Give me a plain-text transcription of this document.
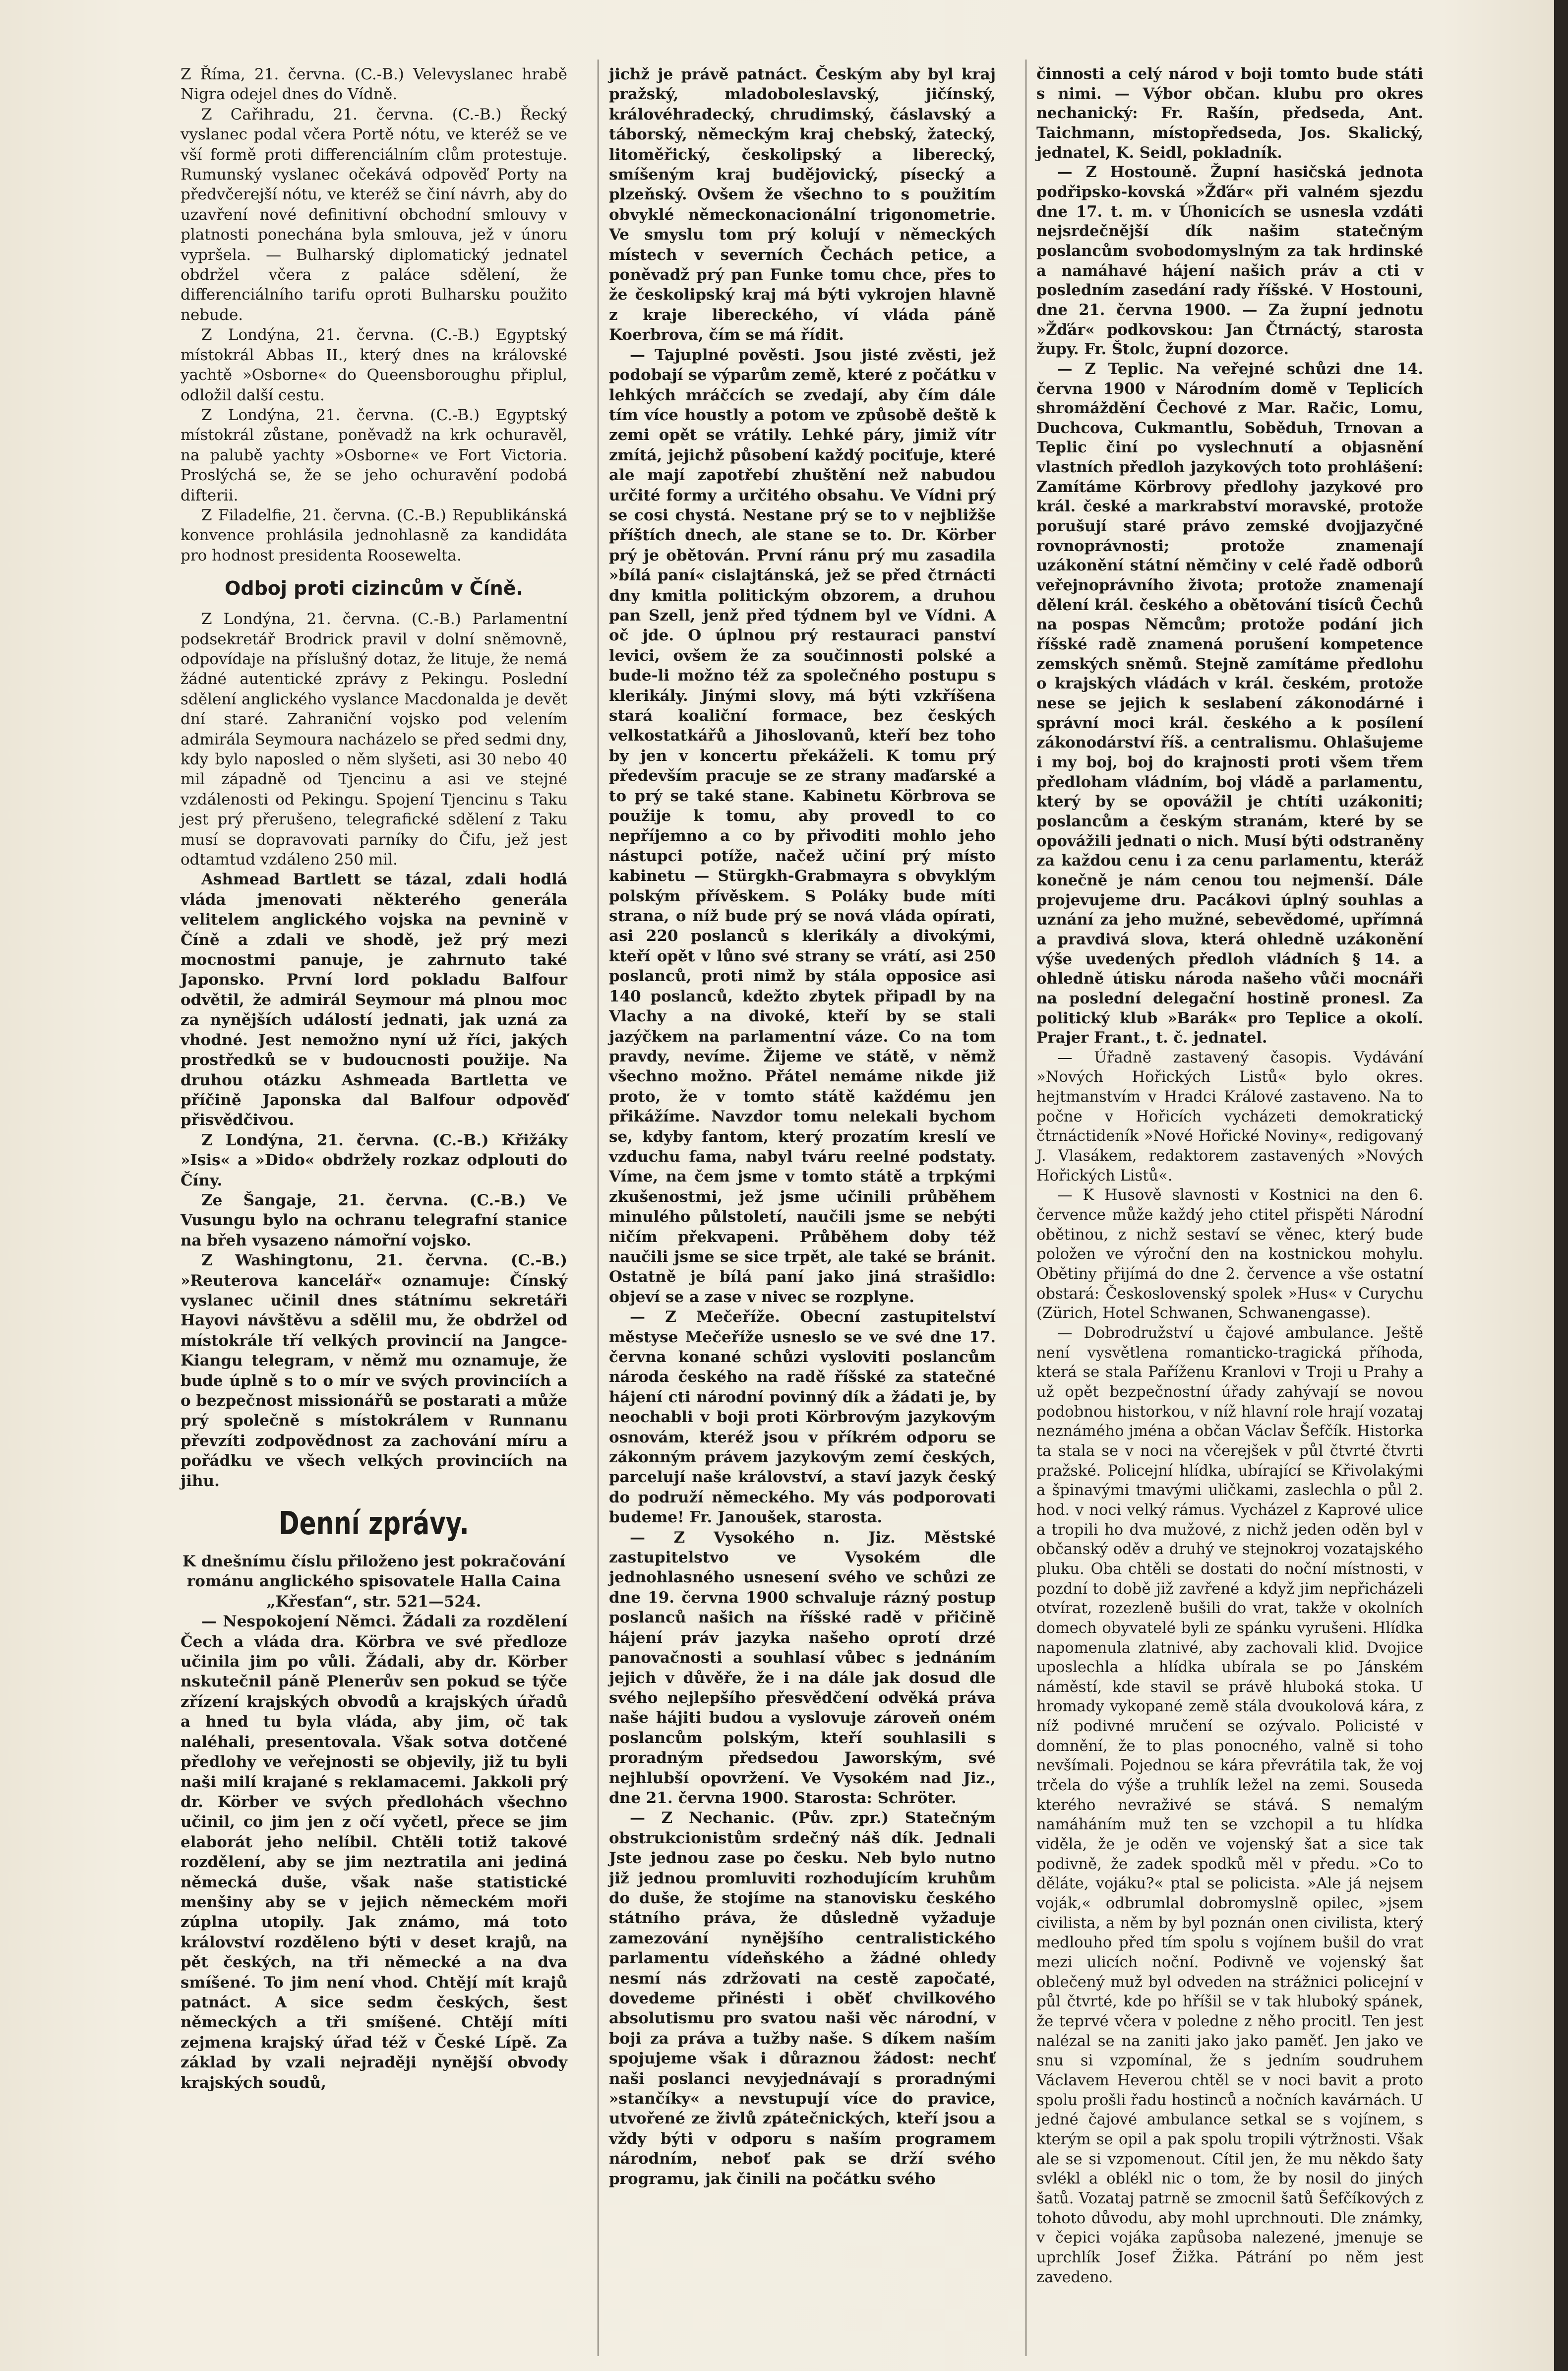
Z Říma, 21. června. (C.-B.) Velevyslanec hrabě Nigra odejel dnes do Vídně.

Z Cařihradu, 21. června. (C.-B.) Řecký vyslanec podal včera Portě nótu, ve kteréž se ve vší formě proti differenciálním clům protestuje. Rumunský vyslanec očekává odpověď Porty na předvčerejší nótu, ve kteréž se činí návrh, aby do uzavření nové definitivní obchodní smlouvy v platnosti ponechána byla smlouva, jež v únoru vypršela. — Bulharský diplomatický jednatel obdržel včera z paláce sdělení, že differenciálního tarifu oproti Bulharsku použito nebude.

Z Londýna, 21. června. (C.-B.) Egyptský místokrál Abbas II., který dnes na královské yachtě »Osborne« do Queensboroughu připlul, odložil další cestu.

Z Londýna, 21. června. (C.-B.) Egyptský místokrál zůstane, poněvadž na krk ochuravěl, na palubě yachty »Osborne« ve Fort Victoria. Proslýchá se, že se jeho ochuravění podobá difterii.

Z Filadelfie, 21. června. (C.-B.) Republikánská konvence prohlásila jednohlasně za kandidáta pro hodnost presidenta Roosewelta.

Odboj proti cizincům v Číně.

Z Londýna, 21. června. (C.-B.) Parlamentní podsekretář Brodrick pravil v dolní sněmovně, odpovídaje na příslušný dotaz, že lituje, že nemá žádné autentické zprávy z Pekingu. Poslední sdělení anglického vyslance Macdonalda je devět dní staré. Zahraniční vojsko pod velením admirála Seymoura nacházelo se před sedmi dny, kdy bylo naposled o něm slyšeti, asi 30 nebo 40 mil západně od Tjencinu a asi ve stejné vzdálenosti od Pekingu. Spojení Tjencinu s Taku jest prý přerušeno, telegrafické sdělení z Taku musí se dopravovati parníky do Čifu, jež jest odtamtud vzdáleno 250 mil.

Ashmead Bartlett se tázal, zdali hodlá vláda jmenovati některého generála velitelem anglického vojska na pevnině v Číně a zdali ve shodě, jež prý mezi mocnostmi panuje, je zahrnuto také Japonsko. První lord pokladu Balfour odvětil, že admirál Seymour má plnou moc za nynějších událostí jednati, jak uzná za vhodné. Jest nemožno nyní už říci, jakých prostředků se v budoucnosti použije. Na druhou otázku Ashmeada Bartletta ve příčině Japonska dal Balfour odpověď přisvědčivou.

Z Londýna, 21. června. (C.-B.) Křižáky »Isis« a »Dido« obdržely rozkaz odplouti do Číny.

Ze Šangaje, 21. června. (C.-B.) Ve Vusungu bylo na ochranu telegrafní stanice na břeh vysazeno námořní vojsko.

Z Washingtonu, 21. června. (C.-B.) »Reuterova kancelář« oznamuje: Čínský vyslanec učinil dnes státnímu sekretáři Hayovi návštěvu a sdělil mu, že obdržel od místokrále tří velkých provincií na Jangce-Kiangu telegram, v němž mu oznamuje, že bude úplně s to o mír ve svých provinciích a o bezpečnost missionářů se postarati a může prý společně s místokrálem v Runnanu převzíti zodpovědnost za zachování míru a pořádku ve všech velkých provinciích na jihu.

Denní zprávy.

K dnešnímu číslu přiloženo jest pokračování románu anglického spisovatele Halla Caina „Křesťan“, str. 521—524.

— Nespokojení Němci. Žádali za rozdělení Čech a vláda dra. Körbra ve své předloze učinila jim po vůli. Žádali, aby dr. Körber nskutečnil páně Plenerův sen pokud se týče zřízení krajských obvodů a krajských úřadů a hned tu byla vláda, aby jim, oč tak naléhali, presentovala. Však sotva dotčené předlohy ve veřejnosti se objevily, již tu byli naši milí krajané s reklamacemi. Jakkoli prý dr. Körber ve svých předlohách všechno učinil, co jim jen z očí vyčetl, přece se jim elaborát jeho nelíbil. Chtěli totiž takové rozdělení, aby se jim neztratila ani jediná německá duše, však naše statistické menšiny aby se v jejich německém moři zúplna utopily. Jak známo, má toto království rozděleno býti v deset krajů, na pět českých, na tři německé a na dva smíšené. To jim není vhod. Chtějí mít krajů patnáct. A sice sedm českých, šest německých a tři smíšené. Chtějí míti zejmena krajský úřad též v České Lípě. Za základ by vzali nejraději nynější obvody krajských soudů,

jichž je právě patnáct. Českým aby byl kraj pražský, mladoboleslavský, jičínský, královéhradecký, chrudimský, čáslavský a táborský, německým kraj chebský, žatecký, litoměřický, českolipský a liberecký, smíšeným kraj budějovický, písecký a plzeňský. Ovšem že všechno to s použitím obvyklé německonacionální trigonometrie. Ve smyslu tom prý kolují v německých místech v severních Čechách petice, a poněvadž prý pan Funke tomu chce, přes to že českolipský kraj má býti vykrojen hlavně z kraje libereckého, ví vláda páně Koerbrova, čím se má řídit.

— Tajuplné pověsti. Jsou jisté zvěsti, jež podobají se výparům země, které z počátku v lehkých mráčcích se zvedají, aby čím dále tím více houstly a potom ve způsobě deště k zemi opět se vrátily. Lehké páry, jimiž vítr zmítá, jejichž působení každý pociťuje, které ale mají zapotřebí zhuštění než nabudou určité formy a určitého obsahu. Ve Vídni prý se cosi chystá. Nestane prý se to v nejbližše příštích dnech, ale stane se to. Dr. Körber prý je obětován. První ránu prý mu zasadila »bílá paní« cislajtánská, jež se před čtrnácti dny kmitla politickým obzorem, a druhou pan Szell, jenž před týdnem byl ve Vídni. A oč jde. O úplnou prý restauraci panství levici, ovšem že za součinnosti polské a bude-li možno též za společného postupu s klerikály. Jinými slovy, má býti vzkříšena stará koaliční formace, bez českých velkostatkářů a Jihoslovanů, kteří bez toho by jen v koncertu překáželi. K tomu prý především pracuje se ze strany maďarské a to prý se také stane. Kabinetu Körbrova se použije k tomu, aby provedl to co nepříjemno a co by přivoditi mohlo jeho nástupci potíže, načež učiní prý místo kabinetu — Stürgkh-Grabmayra s obvyklým polským přívěskem. S Poláky bude míti strana, o níž bude prý se nová vláda opírati, asi 220 poslanců s klerikály a divokými, kteří opět v lůno své strany se vrátí, asi 250 poslanců, proti nimž by stála opposice asi 140 poslanců, kdežto zbytek připadl by na Vlachy a na divoké, kteří by se stali jazýčkem na parlamentní váze. Co na tom pravdy, nevíme. Žijeme ve státě, v němž všechno možno. Přátel nemáme nikde již proto, že v tomto státě každému jen přikážíme. Navzdor tomu nelekali bychom se, kdyby fantom, který prozatím kreslí ve vzduchu fama, nabyl tváru reelné podstaty. Víme, na čem jsme v tomto státě a trpkými zkušenostmi, jež jsme učinili průběhem minulého půlstoletí, naučili jsme se nebýti ničím překvapeni. Průběhem doby též naučili jsme se sice trpět, ale také se bránit. Ostatně je bílá paní jako jiná strašidlo: objeví se a zase v nivec se rozplyne.

— Z Mečeříže. Obecní zastupitelství městyse Mečeříže usneslo se ve své dne 17. června konané schůzi vysloviti poslancům národa českého na radě říšské za statečné hájení cti národní povinný dík a žádati je, by neochabli v boji proti Körbrovým jazykovým osnovám, kteréž jsou v příkrém odporu se zákonným právem jazykovým zemí českých, parcelují naše království, a staví jazyk český do podruží německého. My vás podporovati budeme! Fr. Janoušek, starosta.

— Z Vysokého n. Jiz. Městské zastupitelstvo ve Vysokém dle jednohlasného usnesení svého ve schůzi ze dne 19. června 1900 schvaluje rázný postup poslanců našich na říšské radě v přičině hájení práv jazyka našeho oprotí drzé panovačnosti a souhlasí vůbec s jednáním jejich v důvěře, že i na dále jak dosud dle svého nejlepšího přesvědčení odvěká práva naše hájiti budou a vyslovuje zároveň oném poslancům polským, kteří souhlasili s proradným předsedou Jaworským, své nejhlubší opovržení. Ve Vysokém nad Jiz., dne 21. června 1900. Starosta: Schröter.

— Z Nechanic. (Pův. zpr.) Statečným obstrukcionistům srdečný náš dík. Jednali Jste jednou zase po česku. Neb bylo nutno již jednou promluviti rozhodujícím kruhům do duše, že stojíme na stanovisku českého státního práva, že důsledně vyžaduje zamezování nynějšího centralistického parlamentu vídeňského a žádné ohledy nesmí nás zdržovati na cestě započaté, dovedeme přinésti i oběť chvilkového absolutismu pro svatou naši věc národní, v boji za práva a tužby naše. S díkem naším spojujeme však i důraznou žádost: nechť naši poslanci nevyjednávají s proradnými »stančíky« a nevstupují více do pravice, utvořené ze živlů zpátečnických, kteří jsou a vždy býti v odporu s naším programem národním, neboť pak se drží svého programu, jak činili na počátku svého

činnosti a celý národ v boji tomto bude státi s nimi. — Výbor občan. klubu pro okres nechanický: Fr. Rašín, předseda, Ant. Taichmann, místopředseda, Jos. Skalický, jednatel, K. Seidl, pokladník.

— Z Hostouně. Župní hasičská jednota podřipsko-kovská »Žďár« při valném sjezdu dne 17. t. m. v Úhonicích se usnesla vzdáti nejsrdečnější dík našim statečným poslancům svobodomyslným za tak hrdinské a namáhavé hájení našich práv a cti v posledním zasedání rady říšské. V Hostouni, dne 21. června 1900. — Za župní jednotu »Žďár« podkovskou: Jan Čtrnáctý, starosta župy. Fr. Štolc, župní dozorce.

— Z Teplic. Na veřejné schůzi dne 14. června 1900 v Národním domě v Teplicích shromáždění Čechové z Mar. Račic, Lomu, Duchcova, Cukmantlu, Soběduh, Trnovan a Teplic činí po vyslechnutí a objasnění vlastních předloh jazykových toto prohlášení: Zamítáme Körbrovy předlohy jazykové pro král. české a markrabství moravské, protože porušují staré právo zemské dvojjazyčné rovnoprávnosti; protože znamenají uzákonění státní němčiny v celé řadě odborů veřejnoprávního života; protože znamenají dělení král. českého a obětování tisíců Čechů na pospas Němcům; protože podání jich říšské radě znamená porušení kompetence zemských sněmů. Stejně zamítáme předlohu o krajských vládách v král. českém, protože nese se jejich k seslabení zákonodárné i správní moci král. českého a k posílení zákonodárství říš. a centralismu. Ohlašujeme i my boj, boj do krajnosti proti všem třem předloham vládním, boj vládě a parlamentu, který by se opovážil je chtíti uzákoniti; poslancům a českým stranám, které by se opovážili jednati o nich. Musí býti odstraněny za každou cenu i za cenu parlamentu, kteráž konečně je nám cenou tou nejmenší. Dále projevujeme dru. Pacákovi úplný souhlas a uznání za jeho mužné, sebevědomé, upřímná a pravdivá slova, která ohledně uzákonění výše uvedených předloh vládních § 14. a ohledně útisku národa našeho vůči mocnáři na poslední delegační hostině pronesl. Za politický klub »Barák« pro Teplice a okolí. Prajer Frant., t. č. jednatel.

— Úřadně zastavený časopis. Vydávání »Nových Hořických Listů« bylo okres. hejtmanstvím v Hradci Králové zastaveno. Na to počne v Hořicích vycházeti demokratický čtrnáctideník »Nové Hořické Noviny«, redigovaný J. Vlasákem, redaktorem zastavených »Nových Hořických Listů«.

— K Husově slavnosti v Kostnici na den 6. července může každý jeho ctitel přispěti Národní obětinou, z nichž sestaví se věnec, který bude položen ve výroční den na kostnickou mohylu. Obětiny přijímá do dne 2. července a vše ostatní obstará: Československý spolek »Hus« v Curychu (Zürich, Hotel Schwanen, Schwanengasse).

— Dobrodružství u čajové ambulance. Ještě není vysvětlena romanticko-tragická příhoda, která se stala Paříženu Kranlovi v Troji u Prahy a už opět bezpečnostní úřady zahývají se novou podobnou historkou, v níž hlavní role hrají vozataj neznámého jména a občan Václav Šefčík. Historka ta stala se v noci na včerejšek v půl čtvrté čtvrti pražské. Policejní hlídka, ubírající se Křivolakými a špinavými tmavými uličkami, zaslechla o půl 2. hod. v noci velký rámus. Vycházel z Kaprové ulice a tropili ho dva mužové, z nichž jeden oděn byl v občanský oděv a druhý ve stejnokroj vozatajského pluku. Oba chtěli se dostati do noční místnosti, v pozdní to době již zavřené a když jim nepřicházeli otvírat, rozezleně bušili do vrat, takže v okolních domech obyvatelé byli ze spánku vyrušeni. Hlídka napomenula zlatnivé, aby zachovali klid. Dvojice uposlechla a hlídka ubírala se po Jánském náměstí, kde stavil se právě hluboká stoka. U hromady vykopané země stála dvoukolová kára, z níž podivné mručení se ozývalo. Policisté v domnění, že to plas ponocného, valně si toho nevšímali. Pojednou se kára převrátila tak, že voj trčela do výše a truhlík ležel na zemi. Souseda kterého nevraživé se stává. S nemalým namáháním muž ten se vzchopil a tu hlídka viděla, že je oděn ve vojenský šat a sice tak podivně, že zadek spodků měl v předu. »Co to děláte, vojáku?« ptal se policista. »Ale já nejsem voják,« odbrumlal dobromyslně opilec, »jsem civilista, a něm by byl poznán onen civilista, který medlouho před tím spolu s vojínem bušil do vrat mezi ulicích noční. Podivně ve vojenský šat oblečený muž byl odveden na strážnici policejní v půl čtvrté, kde po hříšil se v tak hluboký spánek, že teprvé včera v poledne z něho procitl. Ten jest nalézal se na zaniti jako jako paměť. Jen jako ve snu si vzpomínal, že s jedním soudruhem Václavem Heverou chtěl se v noci bavit a proto spolu prošli řadu hostinců a nočních kavárnách. U jedné čajové ambulance setkal se s vojínem, s kterým se opil a pak spolu tropili výtržnosti. Však ale se si vzpomenout. Cítil jen, že mu někdo šaty svlékl a oblékl nic o tom, že by nosil do jiných šatů. Vozataj patrně se zmocnil šatů Šefčíkových z tohoto důvodu, aby mohl uprchnouti. Dle známky, v čepici vojáka zapůsoba nalezené, jmenuje se uprchlík Josef Žižka. Pátrání po něm jest zavedeno.
